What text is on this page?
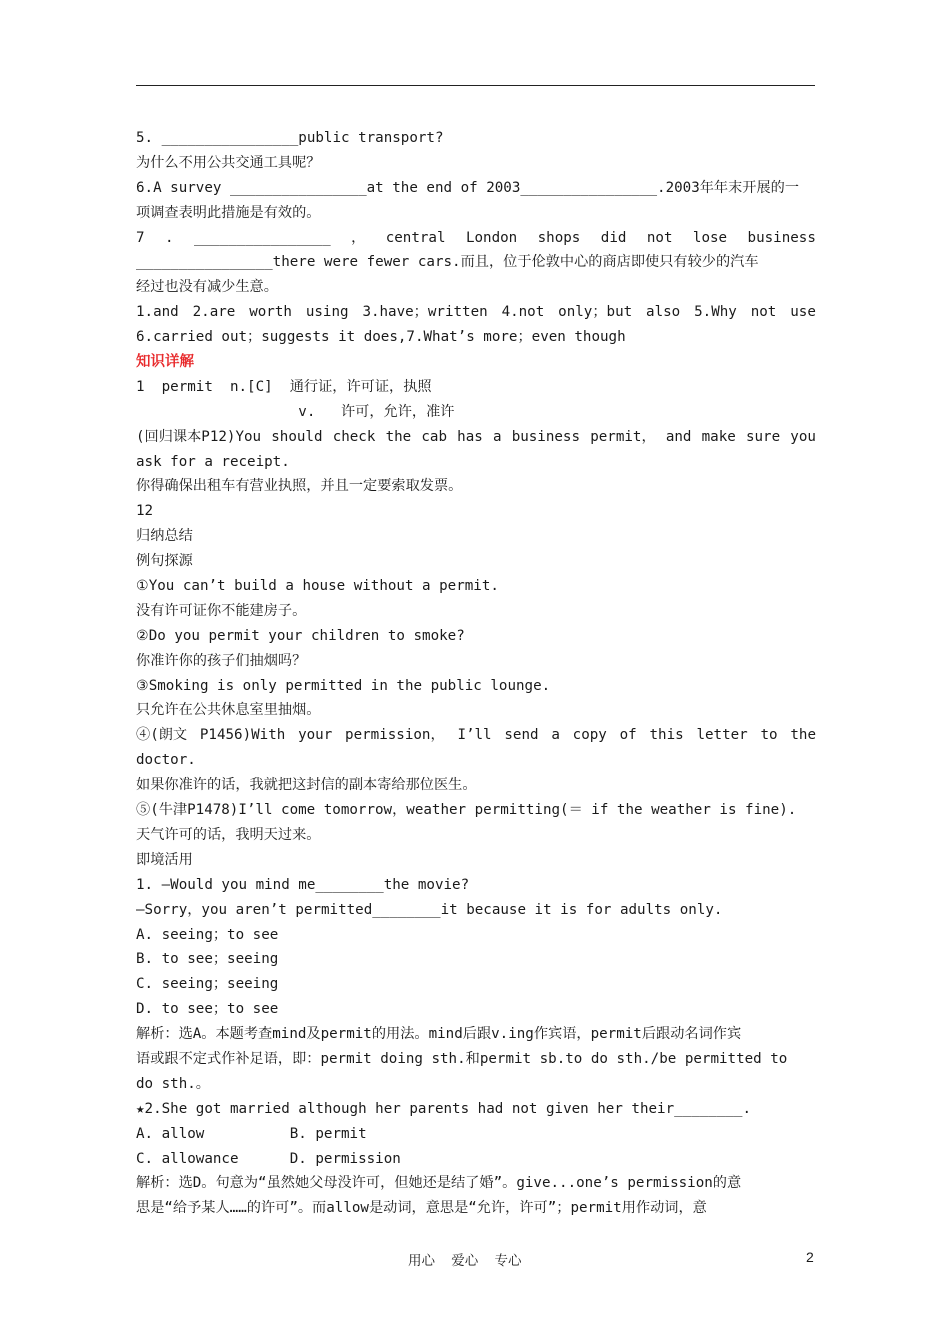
5. ________________public transport?
为什么不用公共交通工具呢？
6.A survey ________________at the end of 2003________________.2003年年末开展的一
项调查表明此措施是有效的。
7 . ________________ ， central London shops did not lose business
________________there were fewer cars.而且，位于伦敦中心的商店即使只有较少的汽车
经过也没有减少生意。
1.and 2.are worth using 3.have；written 4.not only；but also 5.Why not use
6.carried out；suggests it does,7.What’s more；even though
知识详解
1  permit  n.[C]  通行证，许可证，执照
v.   许可，允许，准许
(回归课本P12)You should check the cab has a business permit， and make sure you
ask for a receipt.
你得确保出租车有营业执照，并且一定要索取发票。
12
归纳总结
例句探源
①You can’t build a house without a permit.
没有许可证你不能建房子。
②Do you permit your children to smoke?
你准许你的孩子们抽烟吗？
③Smoking is only permitted in the public lounge.
只允许在公共休息室里抽烟。
④(朗文 P1456)With your permission， I’ll send a copy of this letter to the
doctor.
如果你准许的话，我就把这封信的副本寄给那位医生。
⑤(牛津P1478)I’ll come tomorrow，weather permitting(＝ if the weather is fine).
天气许可的话，我明天过来。
即境活用
1. —Would you mind me________the movie?
—Sorry，you aren’t permitted________it because it is for adults only.
A. seeing；to see
B. to see；seeing
C. seeing；seeing
D. to see；to see
解析：选A。本题考查mind及permit的用法。mind后跟v.ing作宾语，permit后跟动名词作宾
语或跟不定式作补足语，即：permit doing sth.和permit sb.to do sth./be permitted to
do sth.。
★2.She got married although her parents had not given her their________.
A. allow          B. permit
C. allowance      D. permission
解析：选D。句意为“虽然她父母没许可，但她还是结了婚”。give...one’s permission的意
思是“给予某人……的许可”。而allow是动词，意思是“允许，许可”；permit用作动词，意
用心  爱心  专心	2
